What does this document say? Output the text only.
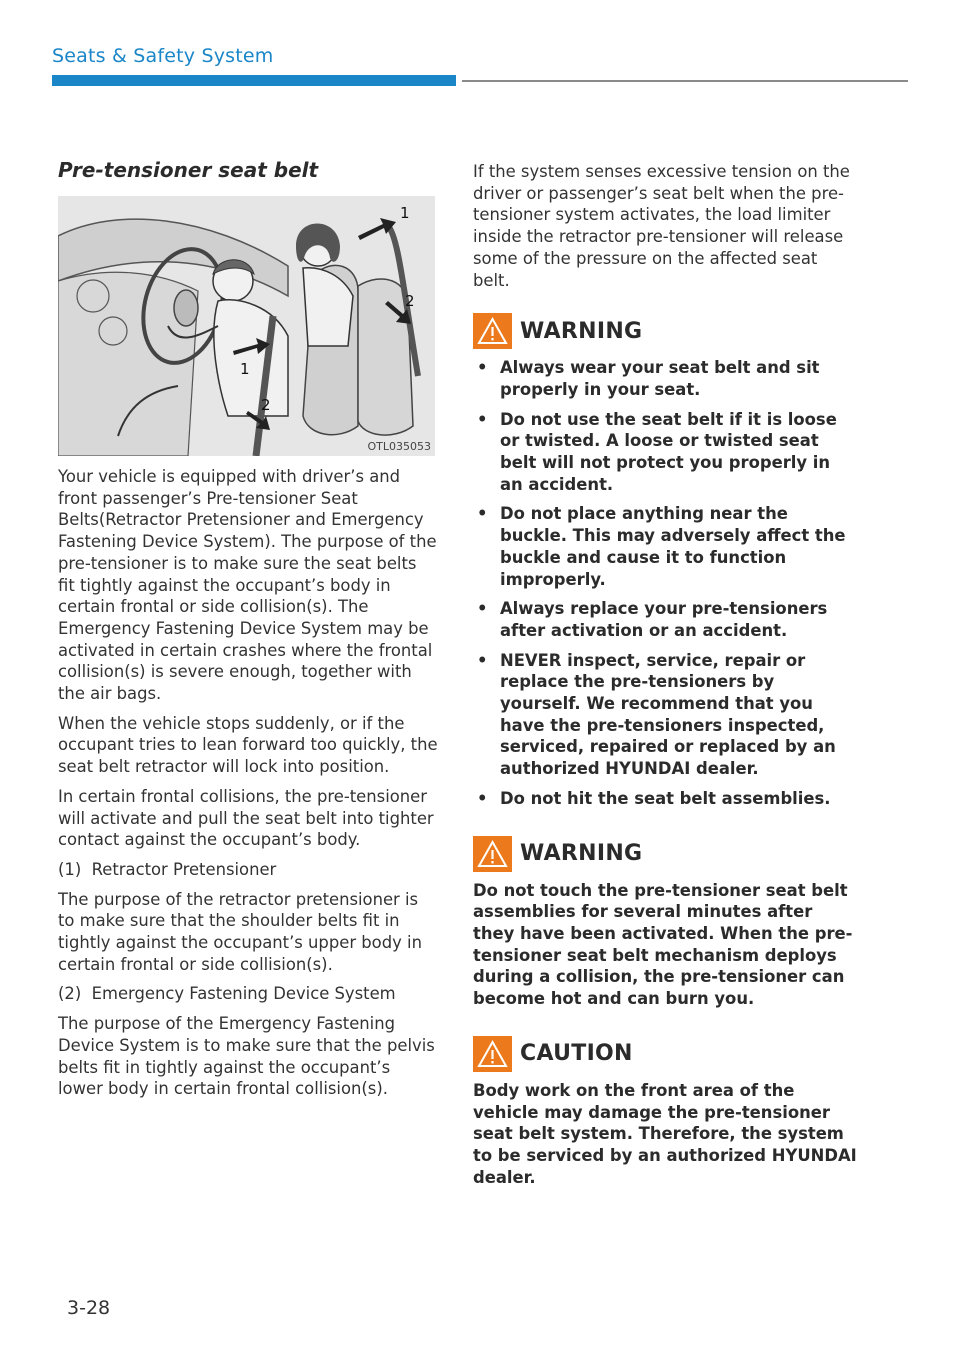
Seats & Safety System
Pre-tensioner seat belt
1
2
1
2
OTL035053

Your vehicle is equipped with driver’s and front passenger’s Pre-tensioner Seat Belts(Retractor Pretensioner and Emergency Fastening Device System). The purpose of the pre-tensioner is to make sure the seat belts fit tightly against the occupant’s body in certain frontal or side collision(s). The Emergency Fastening Device System may be activated in certain crashes where the frontal collision(s) is severe enough, together with the air bags.

When the vehicle stops suddenly, or if the occupant tries to lean forward too quickly, the seat belt retractor will lock into position.

In certain frontal collisions, the pre-tensioner will activate and pull the seat belt into tighter contact against the occupant’s body.

(1)  Retractor Pretensioner

The purpose of the retractor pretensioner is to make sure that the shoulder belts fit in tightly against the occupant’s upper body in certain frontal or side collision(s).

(2)  Emergency Fastening Device System

The purpose of the Emergency Fastening Device System is to make sure that the pelvis belts fit in tightly against the occupant’s lower body in certain frontal collision(s).

If the system senses excessive tension on the driver or passenger’s seat belt when the pre-tensioner system activates, the load limiter inside the retractor pre-tensioner will release some of the pressure on the affected seat belt.

WARNING
• Always wear your seat belt and sit properly in your seat.
• Do not use the seat belt if it is loose or twisted. A loose or twisted seat belt will not protect you properly in an accident.
• Do not place anything near the buckle. This may adversely affect the buckle and cause it to function improperly.
• Always replace your pre-tensioners after activation or an accident.
• NEVER inspect, service, repair or replace the pre-tensioners by yourself. We recommend that you have the pre-tensioners inspected, serviced, repaired or replaced by an authorized HYUNDAI dealer.
• Do not hit the seat belt assemblies.
WARNING

Do not touch the pre-tensioner seat belt assemblies for several minutes after they have been activated. When the pre-tensioner seat belt mechanism deploys during a collision, the pre-tensioner can become hot and can burn you.

CAUTION

Body work on the front area of the vehicle may damage the pre-tensioner seat belt system. Therefore, the system to be serviced by an authorized HYUNDAI dealer.

3-28
